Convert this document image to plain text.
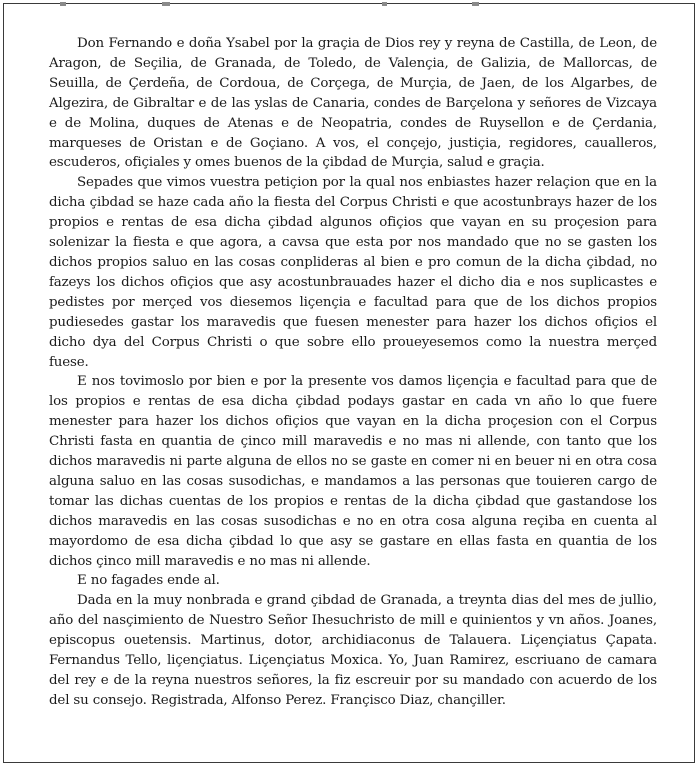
Don Fernando e doña Ysabel por la graçia de Dios rey y reyna de Castilla, de Leon, de Aragon, de Seçilia, de Granada, de Toledo, de Valençia, de Galizia, de Mallorcas, de Seuilla, de Çerdeña, de Cordoua, de Corçega, de Murçia, de Jaen, de los Algarbes, de Algezira, de Gibraltar e de las yslas de Canaria, condes de Barçelona y señores de Vizcaya e de Molina, duques de Atenas e de Neopatria, condes de Ruysellon e de Çerdania, marqueses de Oristan e de Goçiano. A vos, el conçejo, justiçia, regidores, caualleros, escuderos, ofiçiales y omes buenos de la çibdad de Murçia, salud e graçia.

Sepades que vimos vuestra petiçion por la qual nos enbiastes hazer relaçion que en la dicha çibdad se haze cada año la fiesta del Corpus Christi e que acostunbrays hazer de los propios e rentas de esa dicha çibdad algunos ofiçios que vayan en su proçesion para solenizar la fiesta e que agora, a cavsa que esta por nos mandado que no se gasten los dichos propios saluo en las cosas conplideras al bien e pro comun de la dicha çibdad, no fazeys los dichos ofiçios que asy acostunbrauades hazer el dicho dia e nos suplicastes e pedistes por merçed vos diesemos liçençia e facultad para que de los dichos propios pudiesedes gastar los maravedis que fuesen menester para hazer los dichos ofiçios el dicho dya del Corpus Christi o que sobre ello proueyesemos como la nuestra merçed fuese.

E nos tovimoslo por bien e por la presente vos damos liçençia e facultad para que de los propios e rentas de esa dicha çibdad podays gastar en cada vn año lo que fuere menester para hazer los dichos ofiçios que vayan en la dicha proçesion con el Corpus Christi fasta en quantia de çinco mill maravedis e no mas ni allende, con tanto que los dichos maravedis ni parte alguna de ellos no se gaste en comer ni en beuer ni en otra cosa alguna saluo en las cosas susodichas, e mandamos a las personas que touieren cargo de tomar las dichas cuentas de los propios e rentas de la dicha çibdad que gastandose los dichos maravedis en las cosas susodichas e no en otra cosa alguna reçiba en cuenta al mayordomo de esa dicha çibdad lo que asy se gastare en ellas fasta en quantia de los dichos çinco mill maravedis e no mas ni allende.

E no fagades ende al.

Dada en la muy nonbrada e grand çibdad de Granada, a treynta dias del mes de jullio, año del nasçimiento de Nuestro Señor Ihesuchristo de mill e quinientos y vn años. Joanes, episcopus ouetensis. Martinus, dotor, archidiaconus de Talauera. Liçençiatus Çapata. Fernandus Tello, liçençiatus. Liçençiatus Moxica. Yo, Juan Ramirez, escriuano de camara del rey e de la reyna nuestros señores, la fiz escreuir por su mandado con acuerdo de los del su consejo. Registrada, Alfonso Perez. Françisco Diaz, chançiller.
